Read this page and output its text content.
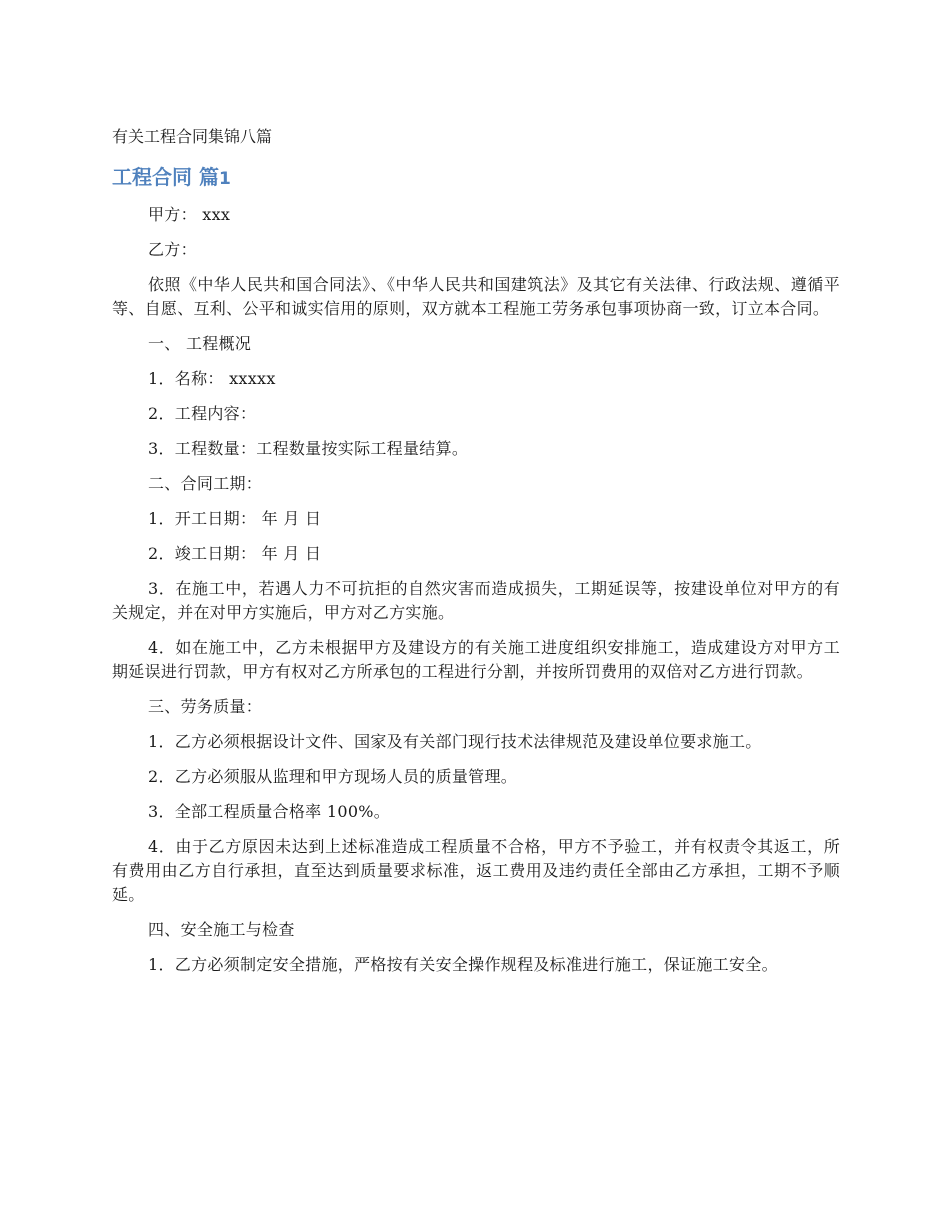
有关工程合同集锦八篇

工程合同 篇1

甲方： xxx

乙方：

依照《中华人民共和国合同法》、《中华人民共和国建筑法》及其它有关法律、行政法规、遵循平等、自愿、互利、公平和诚实信用的原则，双方就本工程施工劳务承包事项协商一致，订立本合同。

一、 工程概况

1．名称： xxxxx

2．工程内容：

3．工程数量：工程数量按实际工程量结算。

二、合同工期：

1．开工日期： 年 月 日

2．竣工日期： 年 月 日

3．在施工中，若遇人力不可抗拒的自然灾害而造成损失，工期延误等，按建设单位对甲方的有关规定，并在对甲方实施后，甲方对乙方实施。

4．如在施工中，乙方未根据甲方及建设方的有关施工进度组织安排施工，造成建设方对甲方工期延误进行罚款，甲方有权对乙方所承包的工程进行分割，并按所罚费用的双倍对乙方进行罚款。

三、劳务质量：

1．乙方必须根据设计文件、国家及有关部门现行技术法律规范及建设单位要求施工。

2．乙方必须服从监理和甲方现场人员的质量管理。

3．全部工程质量合格率 100%。

4．由于乙方原因未达到上述标准造成工程质量不合格，甲方不予验工，并有权责令其返工，所有费用由乙方自行承担，直至达到质量要求标准，返工费用及违约责任全部由乙方承担，工期不予顺延。

四、安全施工与检查

1．乙方必须制定安全措施，严格按有关安全操作规程及标准进行施工，保证施工安全。
